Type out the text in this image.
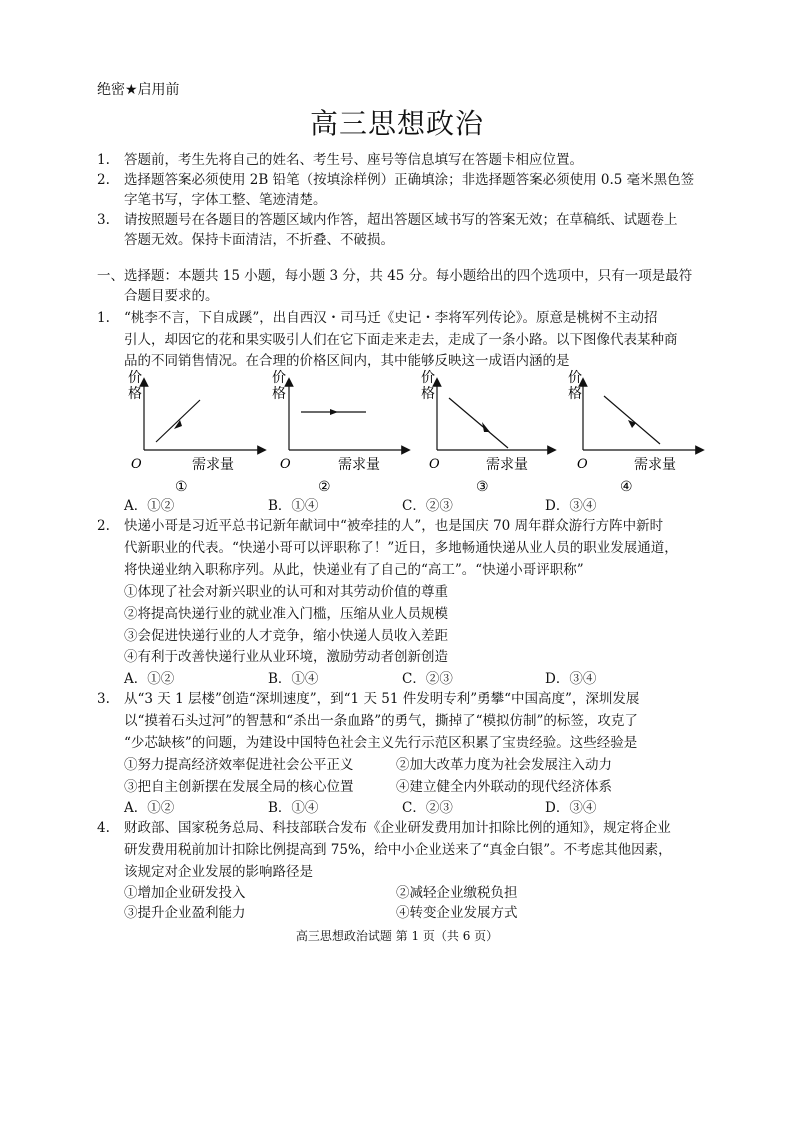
绝密★启用前
高三思想政治
1. 答题前，考生先将自己的姓名、考生号、座号等信息填写在答题卡相应位置。
2. 选择题答案必须使用 2B 铅笔（按填涂样例）正确填涂；非选择题答案必须使用 0.5 毫米黑色签
字笔书写，字体工整、笔迹清楚。
3. 请按照题号在各题目的答题区域内作答，超出答题区域书写的答案无效；在草稿纸、试题卷上
答题无效。保持卡面清洁，不折叠、不破损。
一、选择题：本题共 15 小题，每小题 3 分，共 45 分。每小题给出的四个选项中，只有一项是最符
合题目要求的。
1. “桃李不言，下自成蹊”，出自西汉・司马迁《史记・李将军列传论》。原意是桃树不主动招
引人，却因它的花和果实吸引人们在它下面走来走去，走成了一条小路。以下图像代表某种商
品的不同销售情况。在合理的价格区间内，其中能够反映这一成语内涵的是
价
格
O	需求量
①
价
格
O	需求量
②
价
格
O	需求量
③
价
格
O	需求量
④
A．①②	B．①④	C．②③	D．③④
2. 快递小哥是习近平总书记新年献词中“被牵挂的人”，也是国庆 70 周年群众游行方阵中新时
代新职业的代表。“快递小哥可以评职称了！”近日，多地畅通快递从业人员的职业发展通道，
将快递业纳入职称序列。从此，快递业有了自己的“高工”。“快递小哥评职称”
①体现了社会对新兴职业的认可和对其劳动价值的尊重
②将提高快递行业的就业准入门槛，压缩从业人员规模
③会促进快递行业的人才竞争，缩小快递人员收入差距
④有利于改善快递行业从业环境，激励劳动者创新创造
A．①②	B．①④	C．②③	D．③④
3. 从“3 天 1 层楼”创造“深圳速度”，到“1 天 51 件发明专利”勇攀“中国高度”，深圳发展
以“摸着石头过河”的智慧和“杀出一条血路”的勇气，撕掉了“模拟仿制”的标签，攻克了
“少芯缺核”的问题，为建设中国特色社会主义先行示范区积累了宝贵经验。这些经验是
①努力提高经济效率促进社会公平正义	②加大改革力度为社会发展注入动力
③把自主创新摆在发展全局的核心位置	④建立健全内外联动的现代经济体系
A．①②	B．①④	C．②③	D．③④
4. 财政部、国家税务总局、科技部联合发布《企业研发费用加计扣除比例的通知》，规定将企业
研发费用税前加计扣除比例提高到 75%，给中小企业送来了“真金白银”。不考虑其他因素，
该规定对企业发展的影响路径是
①增加企业研发投入	②减轻企业缴税负担
③提升企业盈利能力	④转变企业发展方式
高三思想政治试题 第 1 页（共 6 页）
